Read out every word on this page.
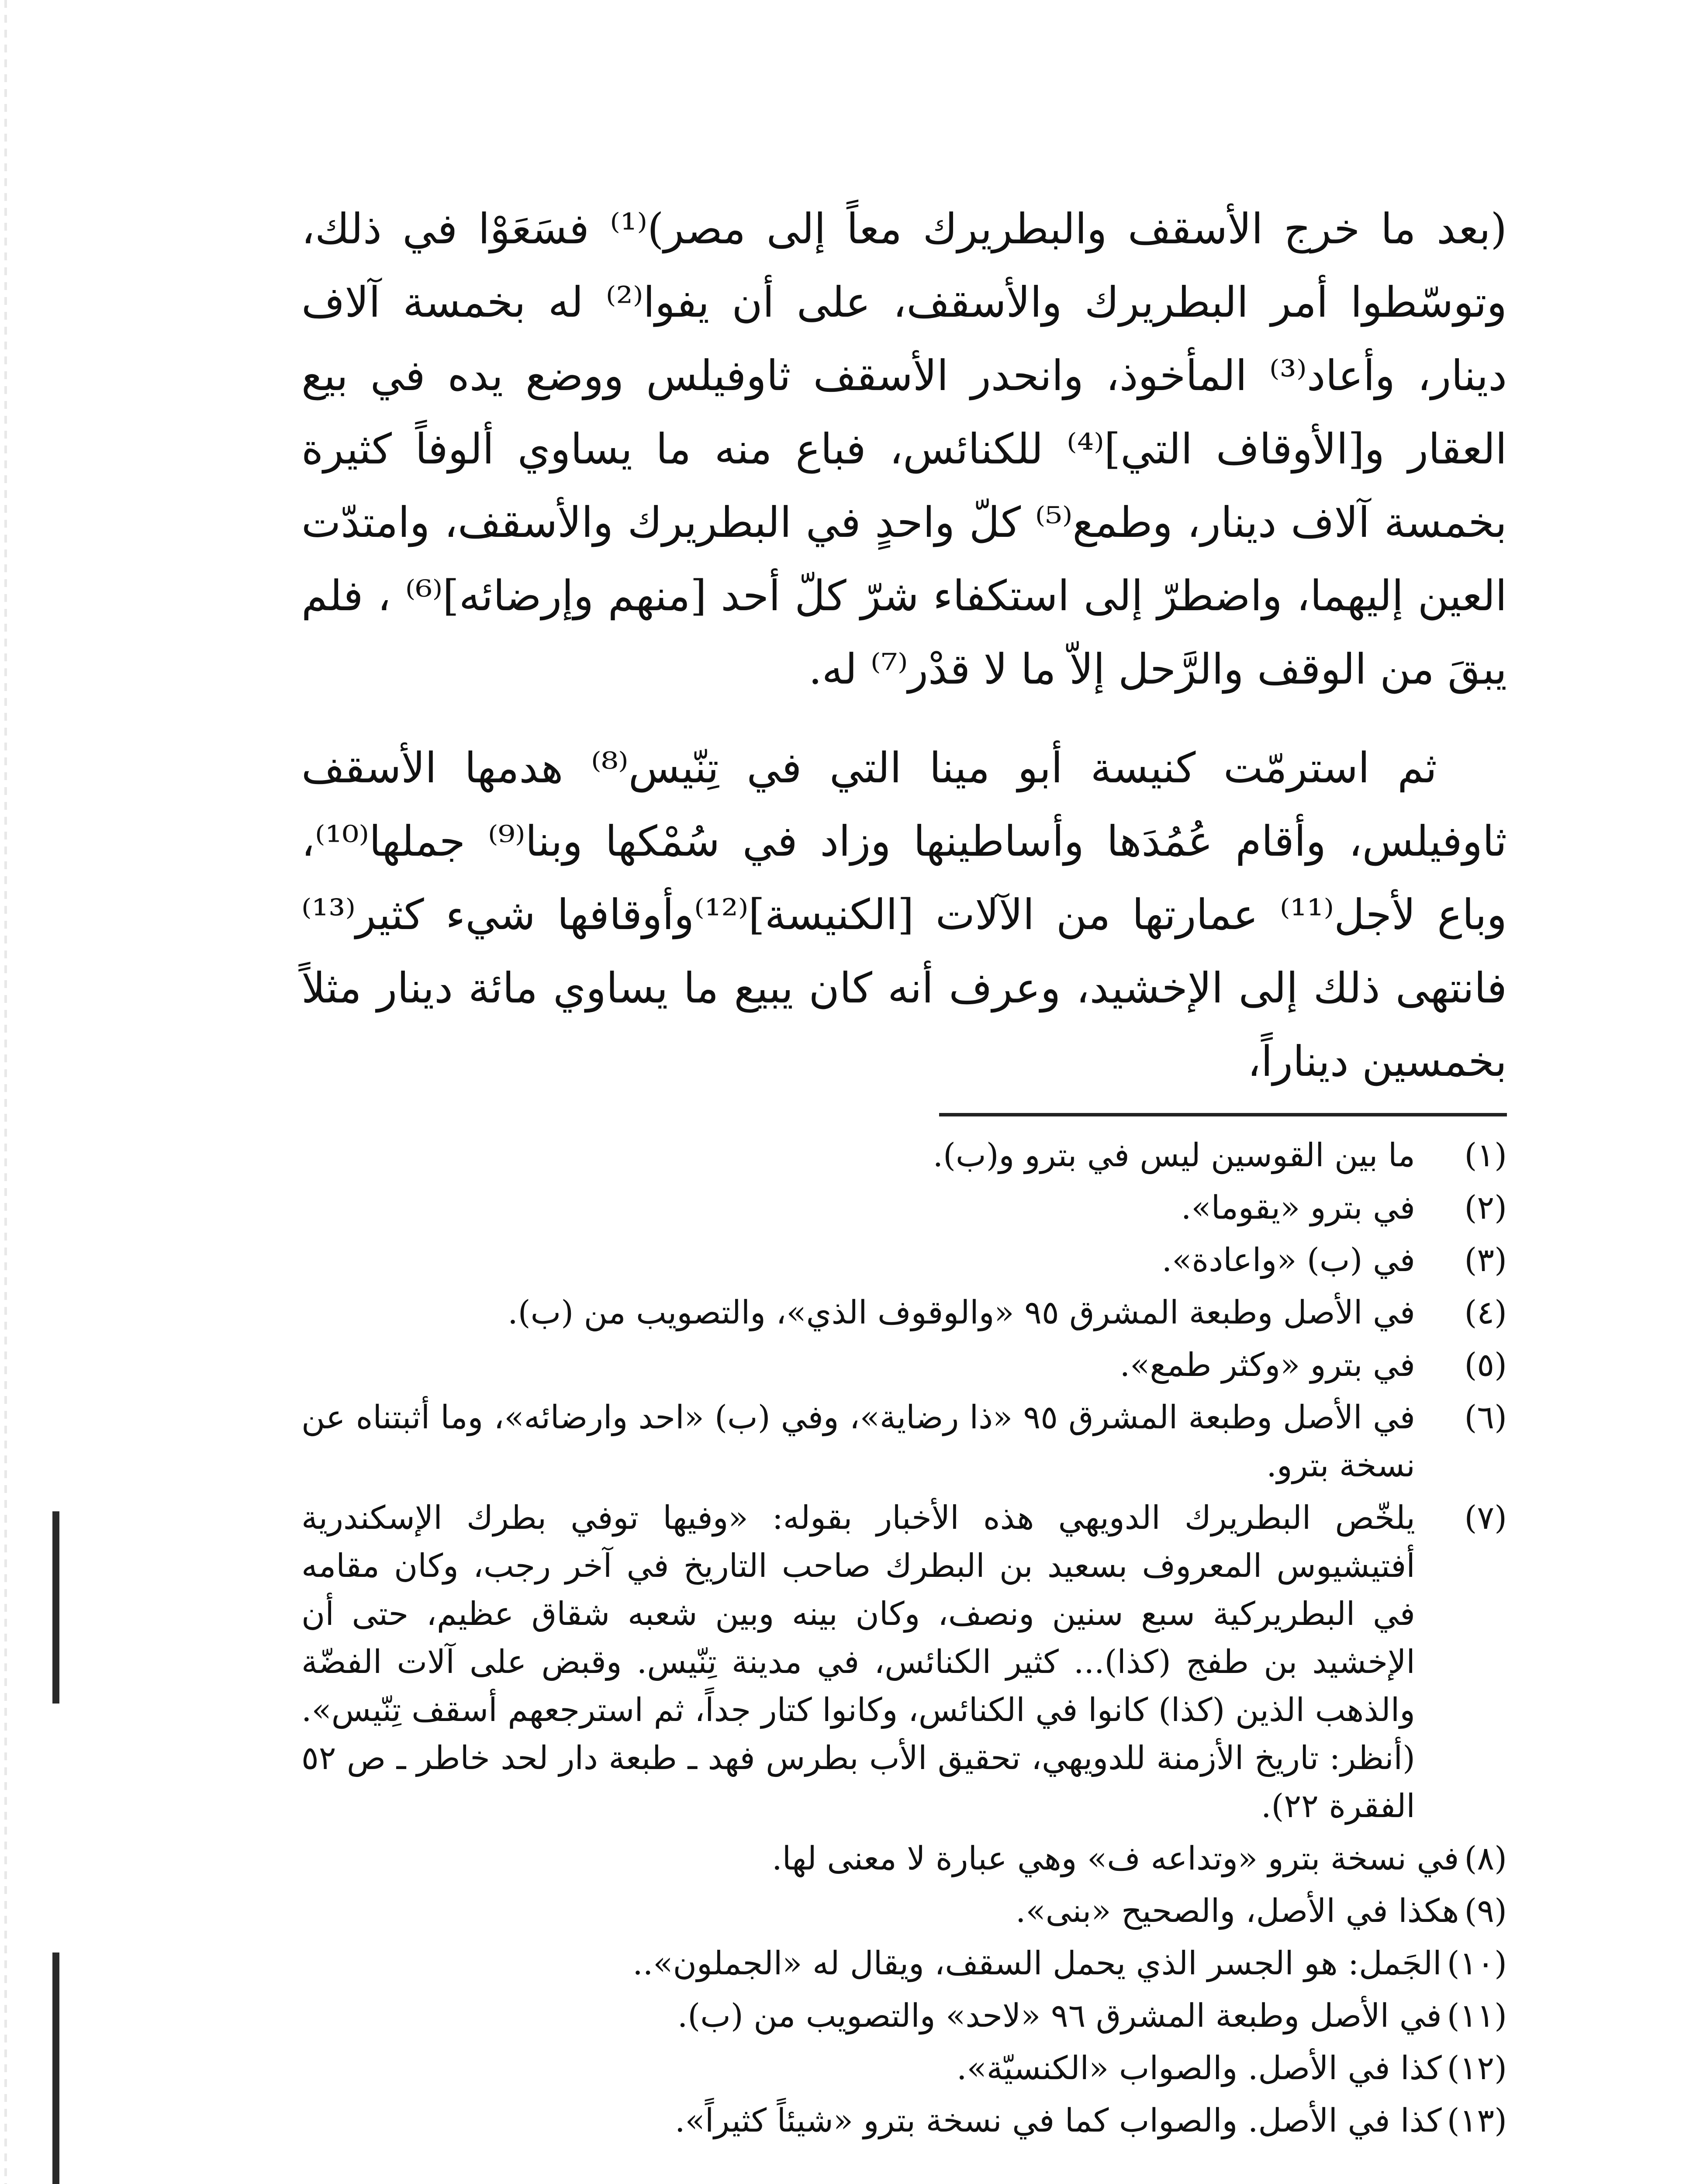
(بعد ما خرج الأسقف والبطريرك معاً إلى مصر)⁽¹⁾ فسَعَوْا في ذلك، وتوسّطوا أمر البطريرك والأسقف، على أن يفوا⁽²⁾ له بخمسة آلاف دينار، وأعاد⁽³⁾ المأخوذ، وانحدر الأسقف ثاوفيلس ووضع يده في بيع العقار و[الأوقاف التي]⁽⁴⁾ للكنائس، فباع منه ما يساوي ألوفاً كثيرة بخمسة آلاف دينار، وطمع⁽⁵⁾ كلّ واحدٍ في البطريرك والأسقف، وامتدّت العين إليهما، واضطرّ إلى استكفاء شرّ كلّ أحد [منهم وإرضائه]⁽⁶⁾ ، فلم يبقَ من الوقف والرَّحل إلاّ ما لا قدْر⁽⁷⁾ له.

ثم استرمّت كنيسة أبو مينا التي في تِنّيس⁽⁸⁾ هدمها الأسقف ثاوفيلس، وأقام عُمُدَها وأساطينها وزاد في سُمْكها وبنا⁽⁹⁾ جملها⁽¹⁰⁾، وباع لأجل⁽¹¹⁾ عمارتها من الآلات [الكنيسة]⁽¹²⁾وأوقافها شيء كثير⁽¹³⁾ فانتهى ذلك إلى الإخشيد، وعرف أنه كان يبيع ما يساوي مائة دينار مثلاً بخمسين ديناراً،

(١)
ما بين القوسين ليس في بترو و(ب).
(٢)
في بترو «يقوما».
(٣)
في (ب) «واعادة».
(٤)
في الأصل وطبعة المشرق ٩٥ «والوقوف الذي»، والتصويب من (ب).
(٥)
في بترو «وكثر طمع».
(٦)
في الأصل وطبعة المشرق ٩٥ «ذا رضاية»، وفي (ب) «احد وارضائه»، وما أثبتناه عن نسخة بترو.
(٧)
يلخّص البطريرك الدويهي هذه الأخبار بقوله: «وفيها توفي بطرك الإسكندرية أفتيشيوس المعروف بسعيد بن البطرك صاحب التاريخ في آخر رجب، وكان مقامه في البطريركية سبع سنين ونصف، وكان بينه وبين شعبه شقاق عظيم، حتى أن الإخشيد بن طفج (كذا)... كثير الكنائس، في مدينة تِنّيس. وقبض على آلات الفضّة والذهب الذين (كذا) كانوا في الكنائس، وكانوا كتار جداً، ثم استرجعهم أسقف تِنّيس». (أنظر: تاريخ الأزمنة للدويهي، تحقيق الأب بطرس فهد ـ طبعة دار لحد خاطر ـ ص ٥٢ الفقرة ٢٢).
(٨)
في نسخة بترو «وتداعه ف» وهي عبارة لا معنى لها.
(٩)
هكذا في الأصل، والصحيح «بنى».
(١٠)
الجَمل: هو الجسر الذي يحمل السقف، ويقال له «الجملون»..
(١١)
في الأصل وطبعة المشرق ٩٦ «لاحد» والتصويب من (ب).
(١٢)
كذا في الأصل. والصواب «الكنسيّة».
(١٣)
كذا في الأصل. والصواب كما في نسخة بترو «شيئاً كثيراً».
